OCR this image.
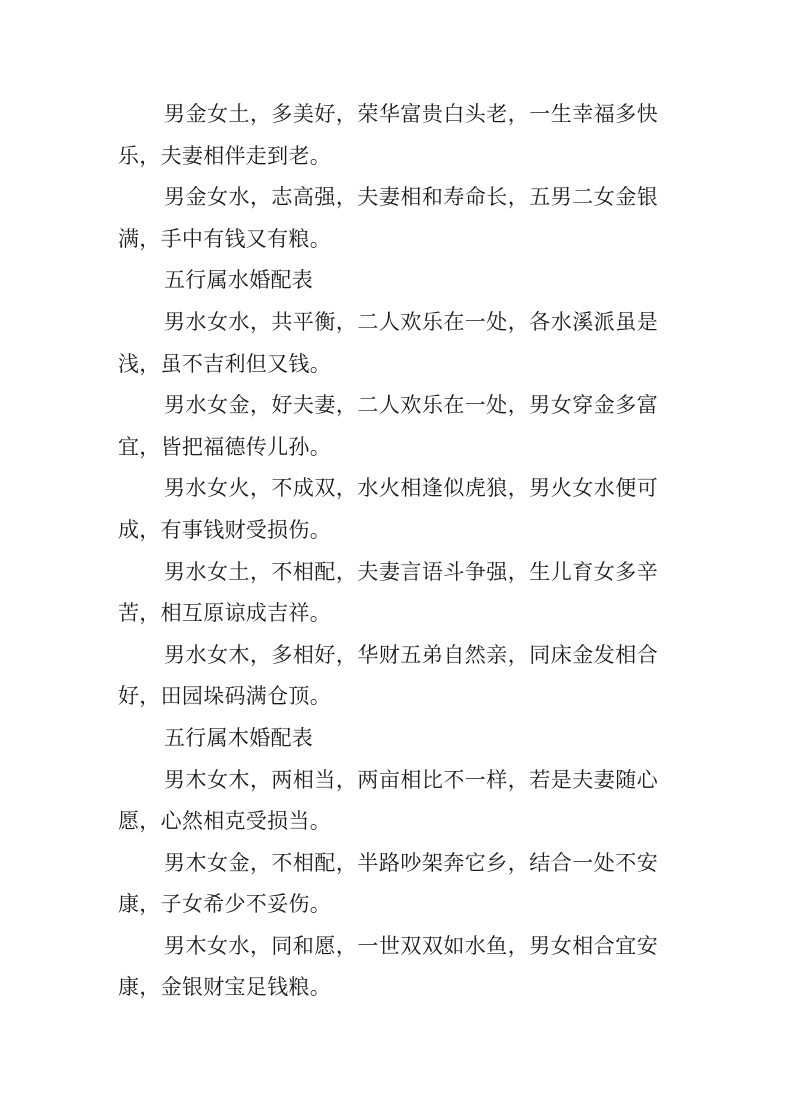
男金女土，多美好，荣华富贵白头老，一生幸福多快乐，夫妻相伴走到老。

男金女水，志高强，夫妻相和寿命长，五男二女金银满，手中有钱又有粮。

五行属水婚配表

男水女水，共平衡，二人欢乐在一处，各水溪派虽是浅，虽不吉利但又钱。

男水女金，好夫妻，二人欢乐在一处，男女穿金多富宜，皆把福德传儿孙。

男水女火，不成双，水火相逢似虎狼，男火女水便可成，有事钱财受损伤。

男水女土，不相配，夫妻言语斗争强，生儿育女多辛苦，相互原谅成吉祥。

男水女木，多相好，华财五弟自然亲，同床金发相合好，田园垛码满仓顶。

五行属木婚配表

男木女木，两相当，两亩相比不一样，若是夫妻随心愿，心然相克受损当。

男木女金，不相配，半路吵架奔它乡，结合一处不安康，子女希少不妥伤。

男木女水，同和愿，一世双双如水鱼，男女相合宜安康，金银财宝足钱粮。
